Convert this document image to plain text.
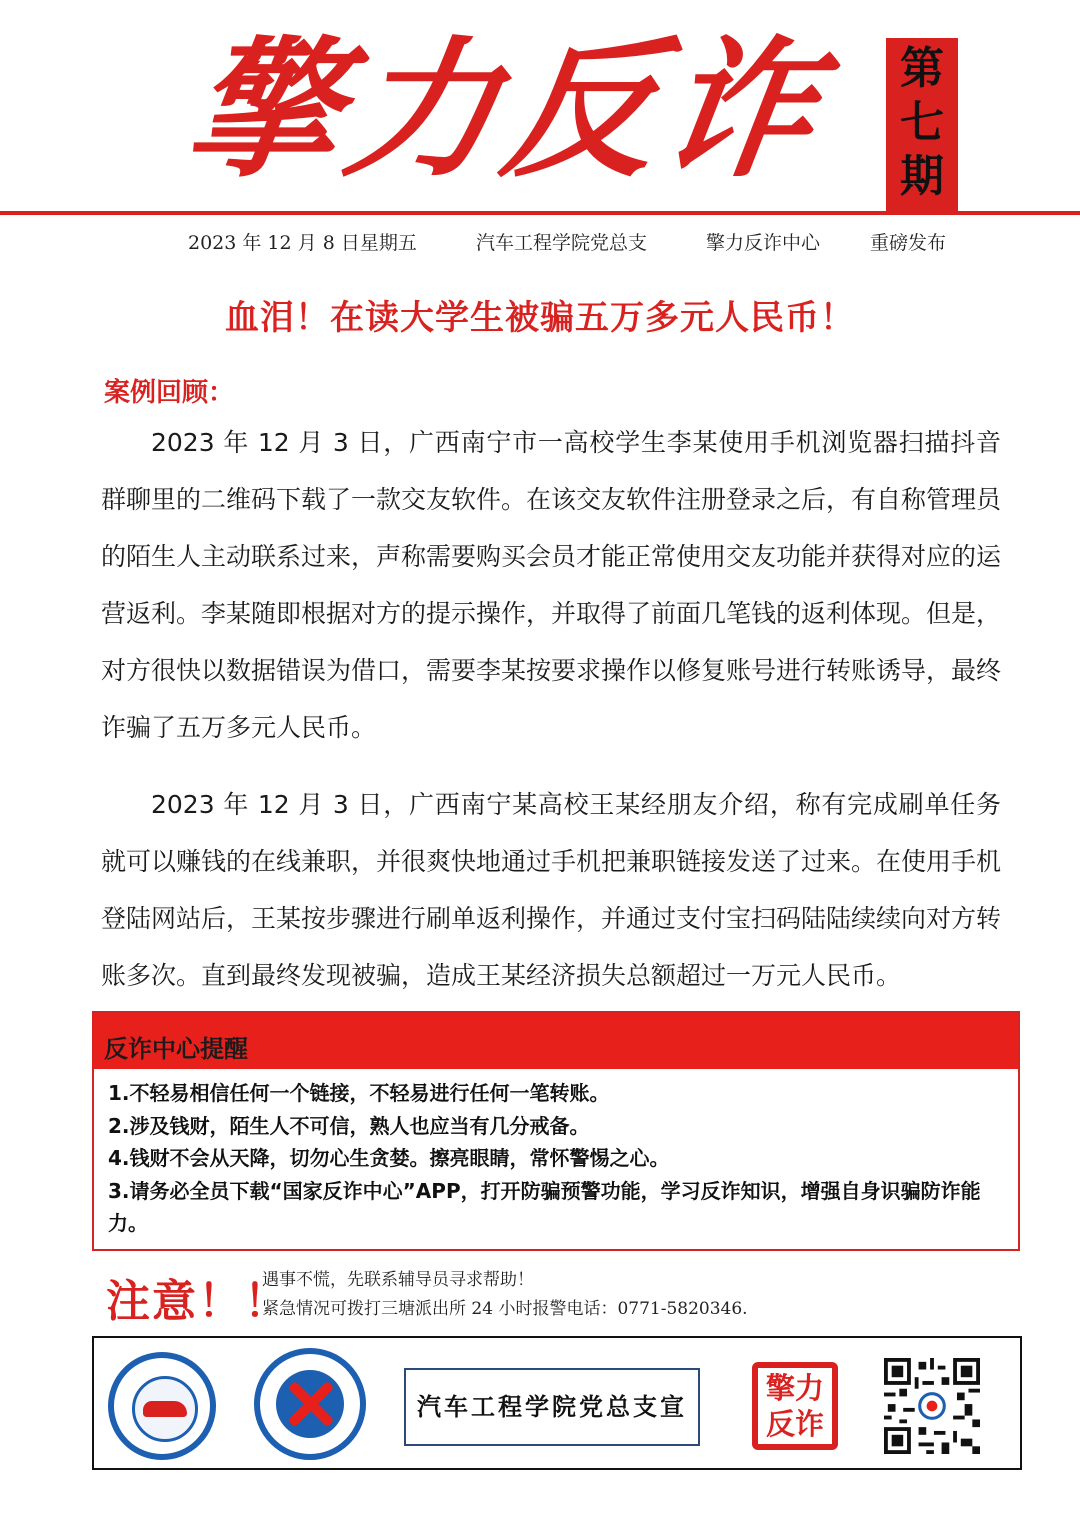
擎力反诈	第
七
期
2023 年 12 月 8 日星期五	汽车工程学院党总支	擎力反诈中心	重磅发布
血泪！在读大学生被骗五万多元人民币！
案例回顾：
2023 年 12 月 3 日，广西南宁市一高校学生李某使用手机浏览器扫描抖音群聊里的二维码下载了一款交友软件。在该交友软件注册登录之后，有自称管理员的陌生人主动联系过来，声称需要购买会员才能正常使用交友功能并获得对应的运营返利。李某随即根据对方的提示操作，并取得了前面几笔钱的返利体现。但是，对方很快以数据错误为借口，需要李某按要求操作以修复账号进行转账诱导，最终诈骗了五万多元人民币。
2023 年 12 月 3 日，广西南宁某高校王某经朋友介绍，称有完成刷单任务就可以赚钱的在线兼职，并很爽快地通过手机把兼职链接发送了过来。在使用手机登陆网站后，王某按步骤进行刷单返利操作，并通过支付宝扫码陆陆续续向对方转账多次。直到最终发现被骗，造成王某经济损失总额超过一万元人民币。
反诈中心提醒
1.不轻易相信任何一个链接，不轻易进行任何一笔转账。
2.涉及钱财，陌生人不可信，熟人也应当有几分戒备。
4.钱财不会从天降，切勿心生贪婪。擦亮眼睛，常怀警惕之心。
3.请务必全员下载“国家反诈中心”APP，打开防骗预警功能，学习反诈知识，增强自身识骗防诈能力。
注意！！
遇事不慌，先联系辅导员寻求帮助！
紧急情况可拨打三塘派出所 24 小时报警电话：0771-5820346.
汽车工程学院党总支宣
擎力
反诈
